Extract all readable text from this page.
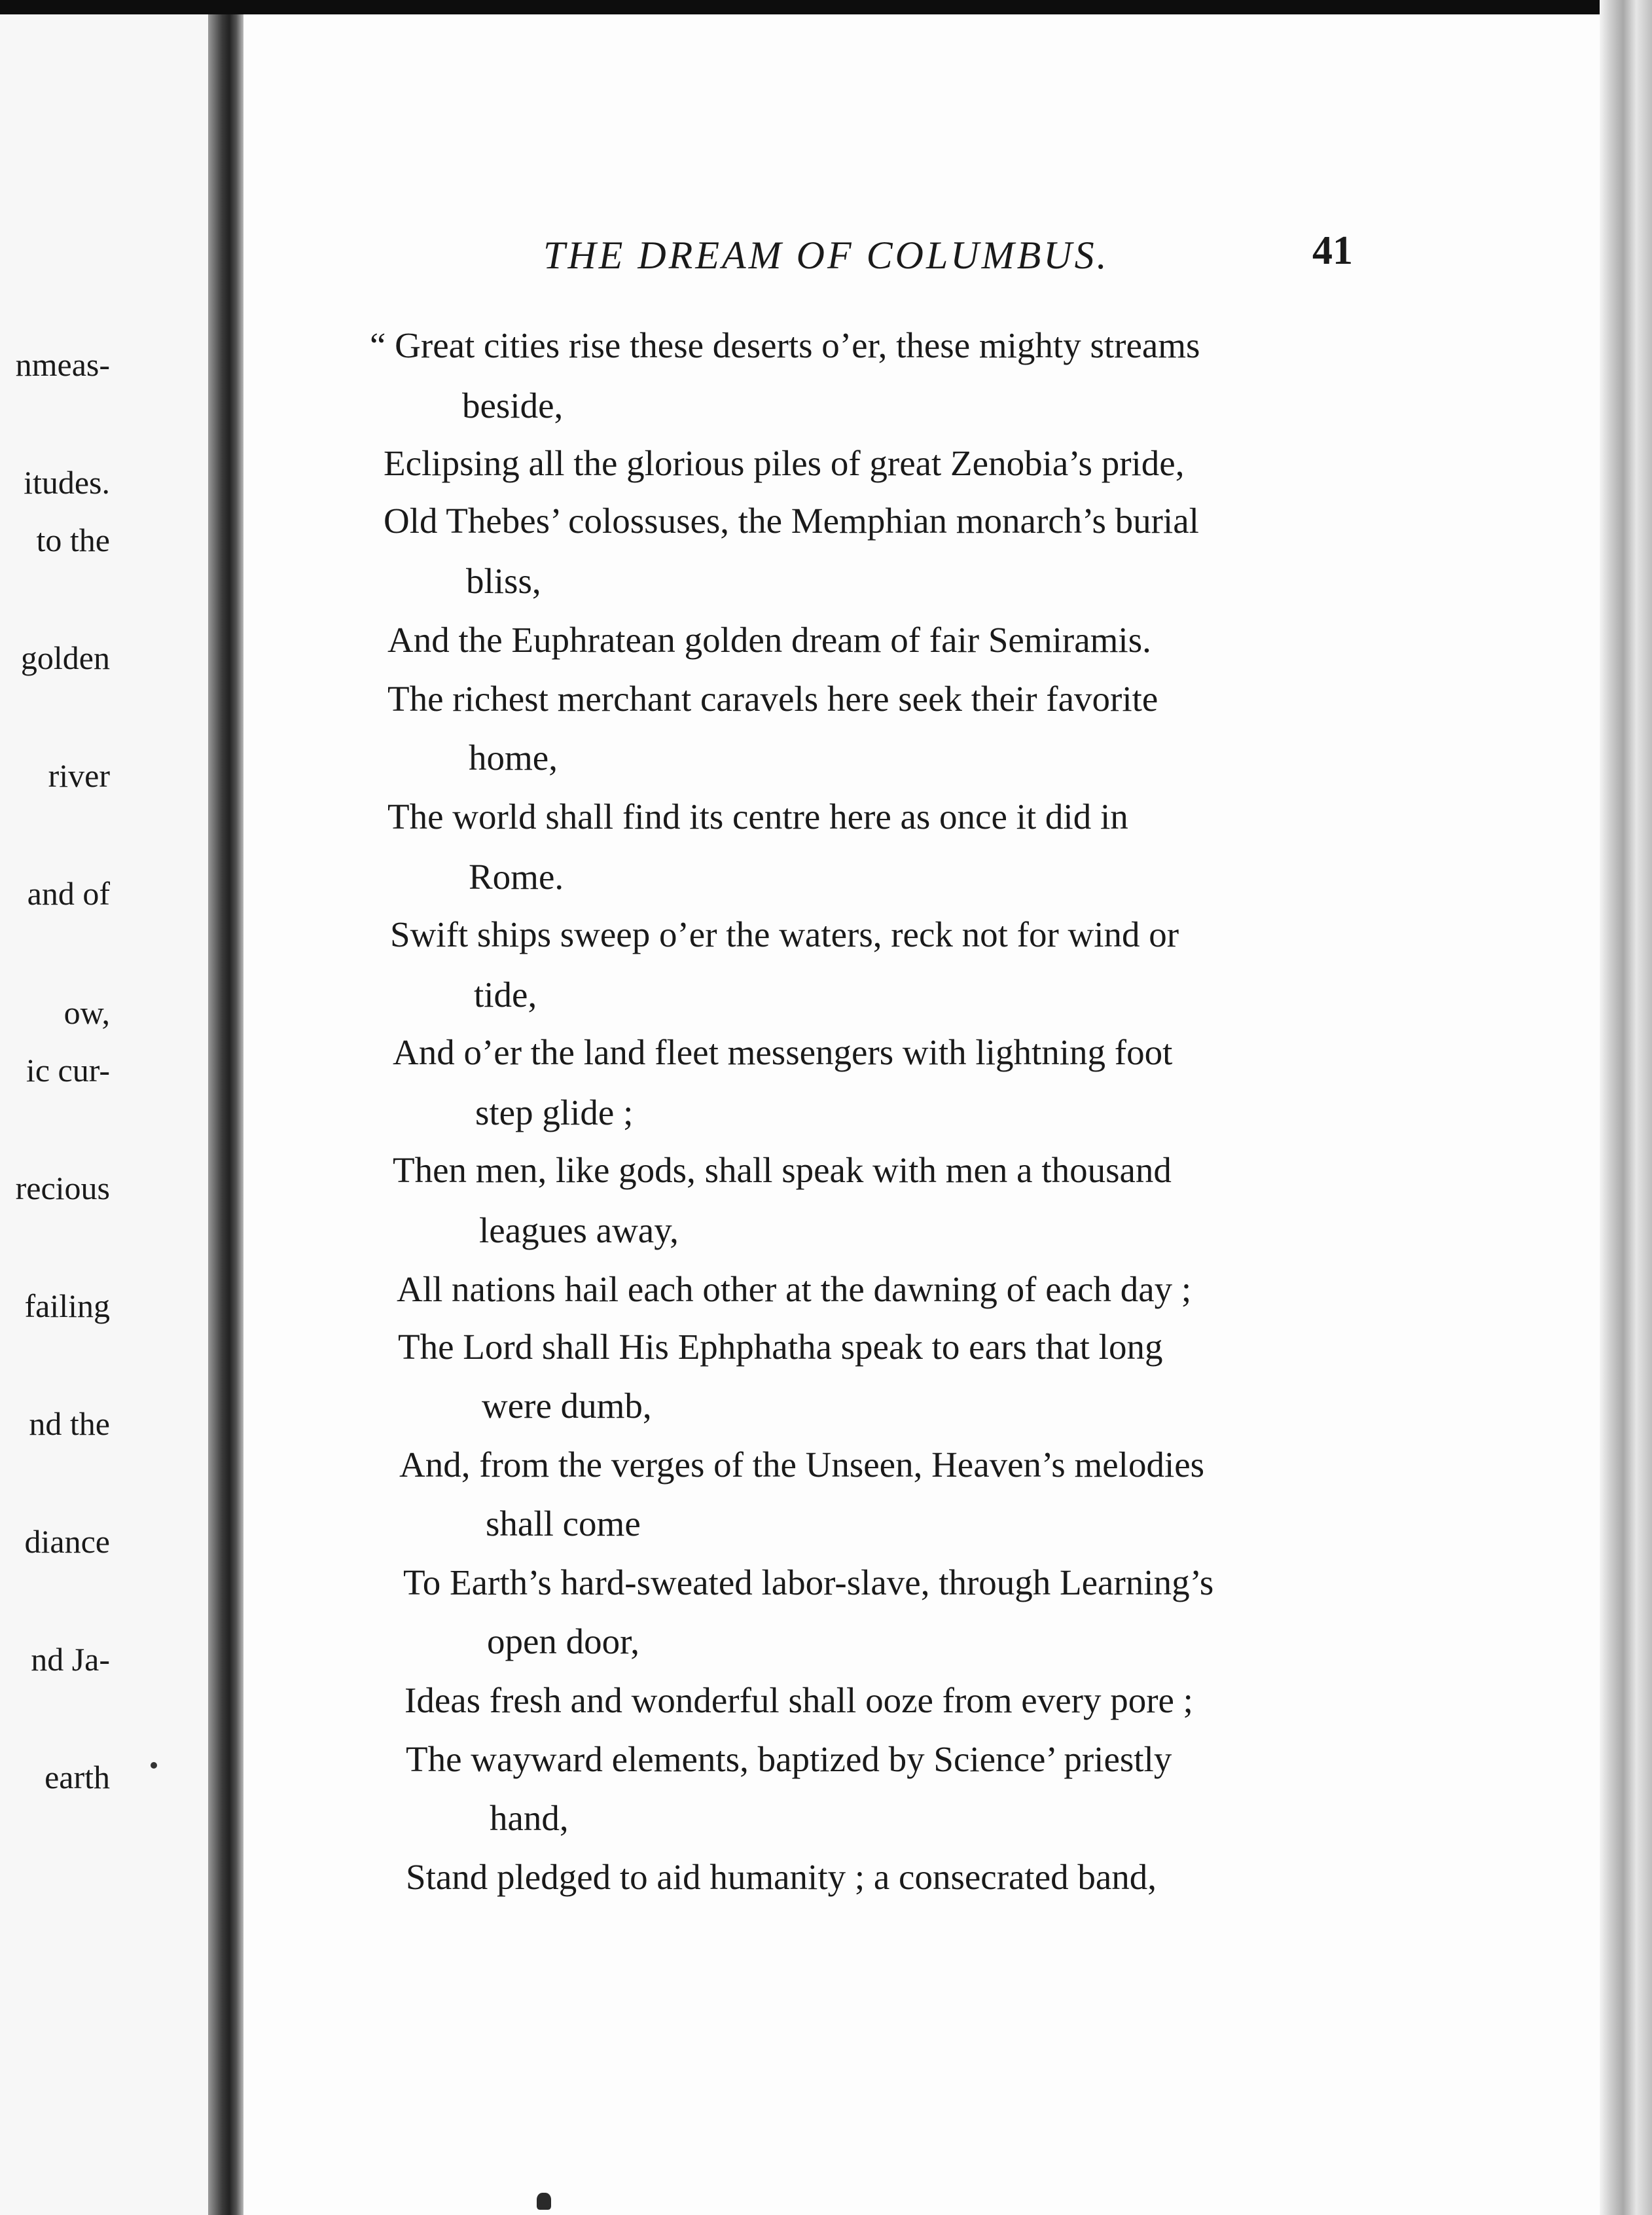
nmeas-
itudes.
to the
golden
river
and of
ow,
ic cur-
recious
failing
nd the
diance
nd Ja-
earth
THE DREAM OF COLUMBUS.	41
“ Great cities rise these deserts o’er, these mighty streams
beside,
Eclipsing all the glorious piles of great Zenobia’s pride,
Old Thebes’ colossuses, the Memphian monarch’s burial
bliss,
And the Euphratean golden dream of fair Semiramis.
The richest merchant caravels here seek their favorite
home,
The world shall find its centre here as once it did in
Rome.
Swift ships sweep o’er the waters, reck not for wind or
tide,
And o’er the land fleet messengers with lightning foot
step glide ;
Then men, like gods, shall speak with men a thousand
leagues away,
All nations hail each other at the dawning of each day ;
The Lord shall His Ephphatha speak to ears that long
were dumb,
And, from the verges of the Unseen, Heaven’s melodies
shall come
To Earth’s hard-sweated labor-slave, through Learning’s
open door,
Ideas fresh and wonderful shall ooze from every pore ;
The wayward elements, baptized by Science’ priestly
hand,
Stand pledged to aid humanity ; a consecrated band,
